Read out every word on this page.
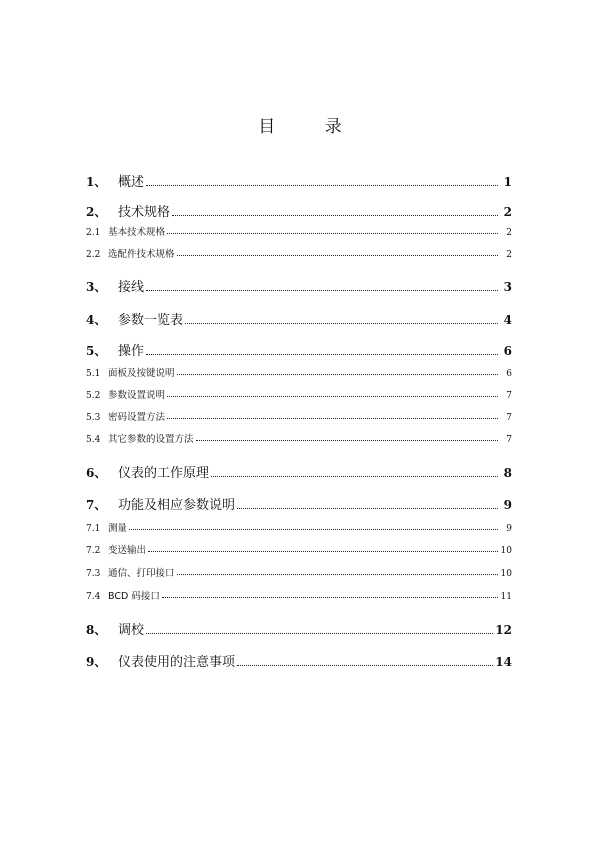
目 录
1、 概述	1
2、 技术规格	2
2.1 基本技术规格	2
2.2 选配件技术规格	2
3、 接线	3
4、 参数一览表	4
5、 操作	6
5.1 面板及按键说明	6
5.2 参数设置说明	7
5.3 密码设置方法	7
5.4 其它参数的设置方法	7
6、 仪表的工作原理	8
7、 功能及相应参数说明	9
7.1 测量	9
7.2 变送输出	10
7.3 通信、打印接口	10
7.4 BCD 码接口	11
8、 调校	12
9、 仪表使用的注意事项	14
